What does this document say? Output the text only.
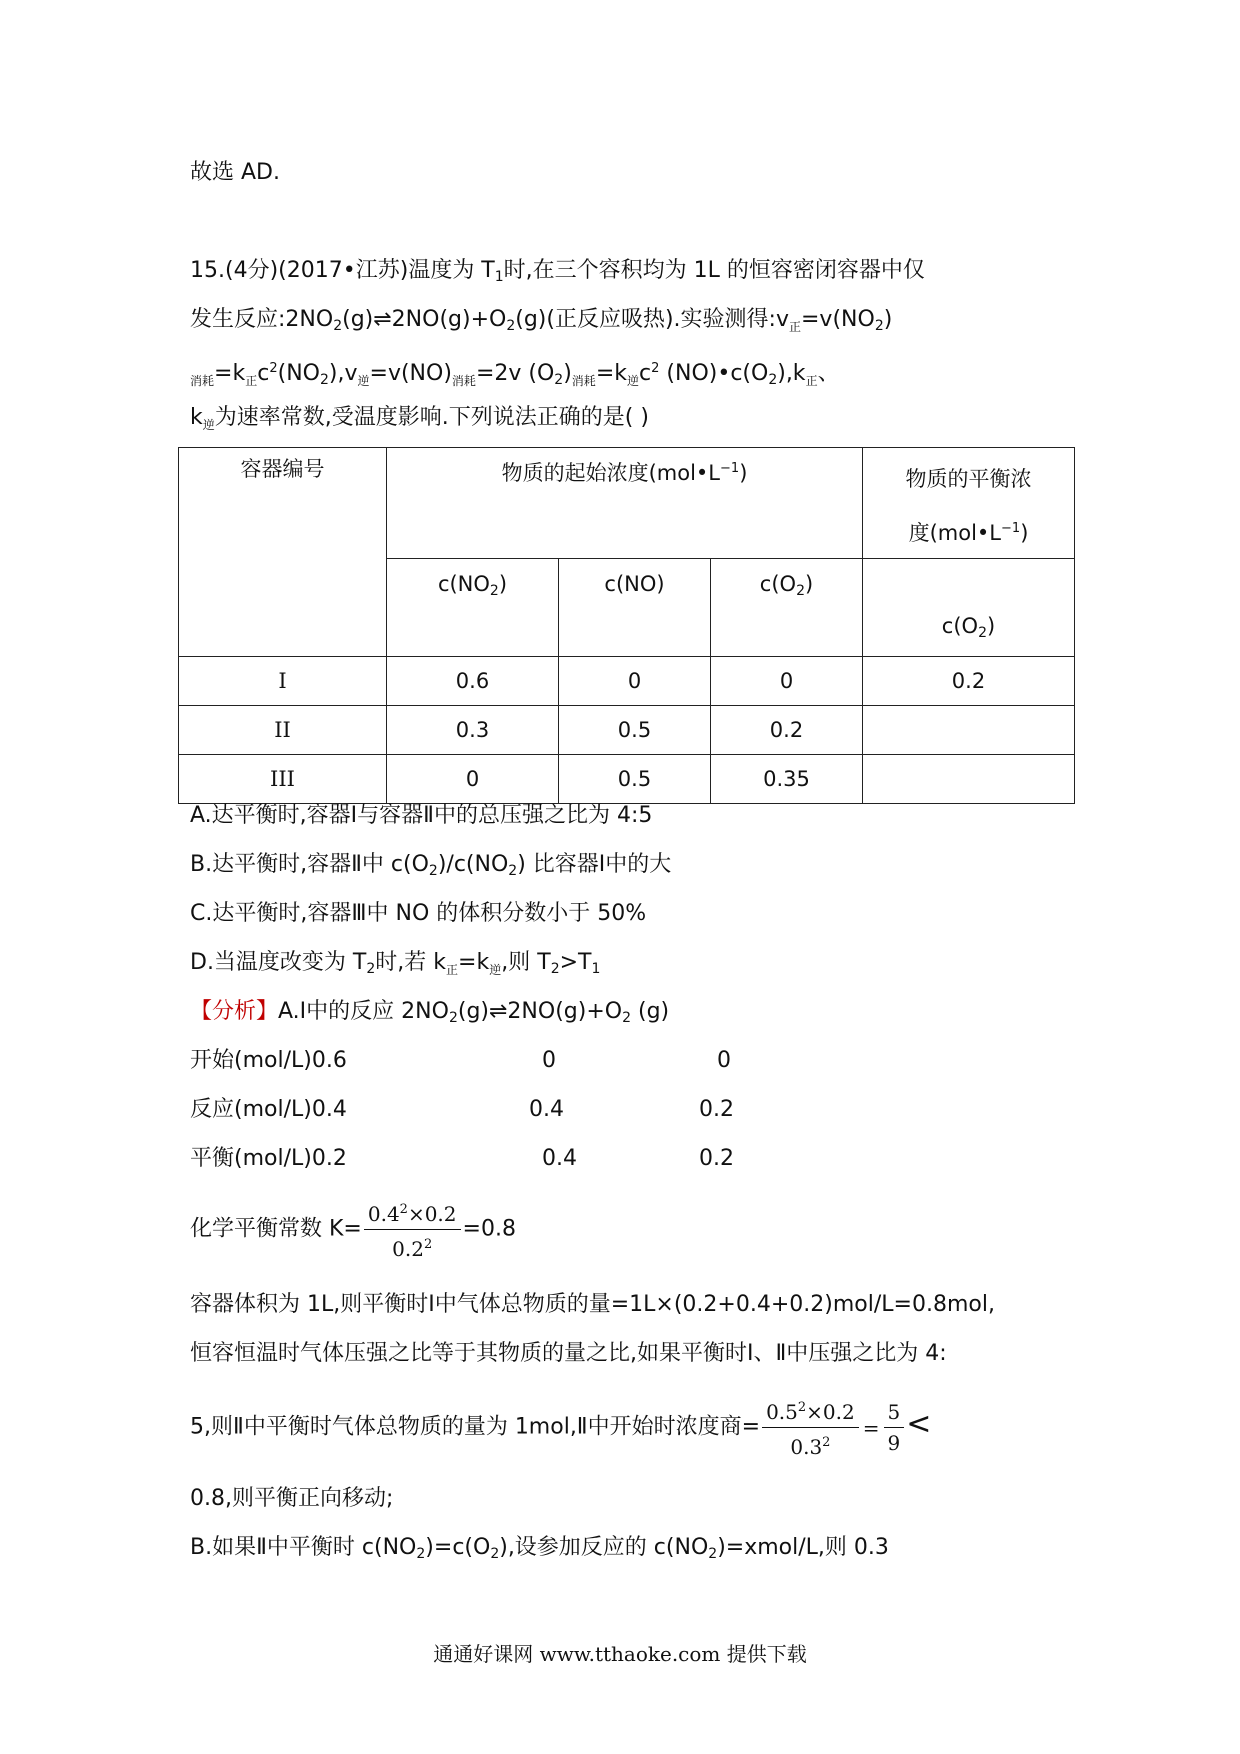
故选 AD.
15.(4分)(2017•江苏)温度为 $T_1$时,在三个容积均为 1L 的恒容密闭容器中仅
发生反应$:2NO_2(g)\rightleftharpoons 2NO(g)+O_2(g)$(正反应吸热).实验测得$:v_正=v(NO_2)$
$_{消耗}=k_正c^2(NO_2),v_逆=v(NO)_{消耗}=2v$ $(O_2)_{消耗}=k_逆c^2$ $(NO)•c(O_2),k_正$、
$k_逆$为速率常数,受温度影响.下列说法正确的是( )
容器编号	物质的起始浓度$(mol•L^{-1})$			物质的平衡浓
度$(mol•L^{-1})$
	$c(NO_2)$	c(NO)	$c(O_2)$	$c(O_2)$
I	0.6	0	0	0.2
II	0.3	0.5	0.2	
III	0	0.5	0.35	
A.达平衡时,容器Ⅰ与容器Ⅱ中的总压强之比为 4:5
B.达平衡时,容器Ⅱ中 $c(O_2)/c(NO_2)$ 比容器Ⅰ中的大
C.达平衡时,容器Ⅲ中 NO 的体积分数小于 50%
D.当温度改变为 $T_2$时,若 $k_正=k_逆$,则 $T_2>T_1$
【分析】A.Ⅰ中的反应 $2NO_2(g)\rightleftharpoons 2NO(g)+O_2$ (g)
开始(mol/L)0.6	0	0
反应(mol/L)0.4	0.4	0.2
平衡(mol/L)0.2	0.4	0.2
化学平衡常数 $K= \frac{0.4^2\times 0.2}{0.2^2} =0.8$
容器体积为 1L,则平衡时Ⅰ中气体总物质的量=1L×(0.2+0.4+0.2)mol/L=0.8mol,
恒容恒温时气体压强之比等于其物质的量之比,如果平衡时Ⅰ、Ⅱ中压强之比为 4:
5,则Ⅱ中平衡时气体总物质的量为 1mol,Ⅱ中开始时浓度商= $\frac{0.5^2\times 0.2}{0.3^2} = \frac{5}{9}$ <
0.8,则平衡正向移动;
B.如果Ⅱ中平衡时 $c(NO_2)=c(O_2)$,设参加反应的 $c(NO_2)=xmol/L$,则 0.3
通通好课网 www.tthaoke.com 提供下载
